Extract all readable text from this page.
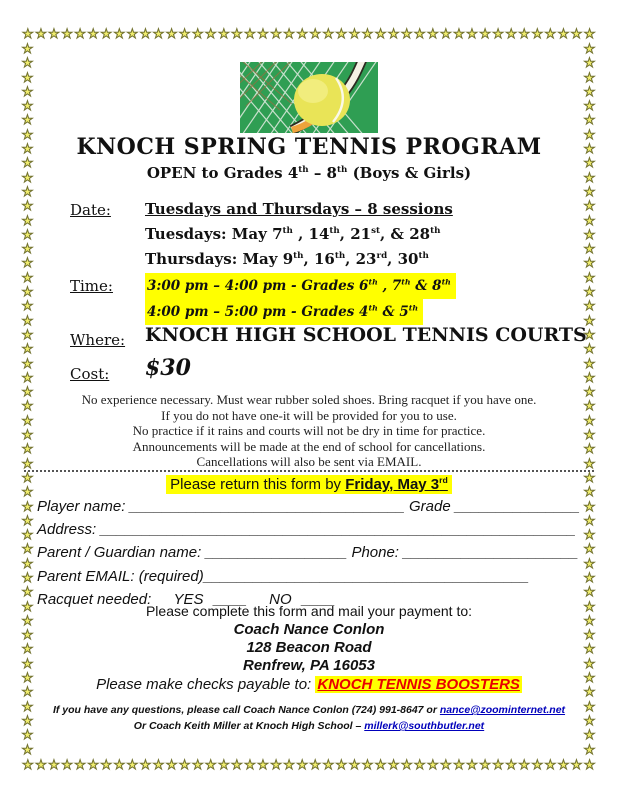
★ ★ ★ ★ ★ ★ ★ ★ ★ ★ ★ ★ ★ ★ ★ ★ ★ ★ ★ ★ ★ ★ ★ ★ ★ ★ ★ ★ ★ ★ ★ ★ ★ ★ ★ ★ ★ ★ ★ ★ ★ ★ ★ ★
★ ★ ★ ★ ★ ★ ★ ★ ★ ★ ★ ★ ★ ★ ★ ★ ★ ★ ★ ★ ★ ★ ★ ★ ★ ★ ★ ★ ★ ★ ★ ★ ★ ★ ★ ★ ★ ★ ★ ★ ★ ★ ★ ★
★
★
★
★
★
★
★
★
★
★
★
★
★
★
★
★
★
★
★
★
★
★
★
★
★
★
★
★
★
★
★
★
★
★
★
★
★
★
★
★
★
★
★
★
★
★
★
★
★
★
★
★
★
★
★
★
★
★
★
★
★
★
★
★
★
★
★
★
★
★
★
★
★
★
★
★
★
★
★
★
★
★
★
★
★
★
★
★
★
★
★
★
★
★
★
★
★
★
★
★
KNOCH SPRING TENNIS PROGRAM
OPEN to Grades 4th – 8th (Boys & Girls)
Date: Tuesdays and Thursdays – 8 sessions
Tuesdays: May 7th , 14th, 21st, & 28th
Thursdays: May 9th, 16th, 23rd, 30th
Time:	3:00 pm – 4:00 pm - Grades 6th , 7th & 8th
4:00 pm – 5:00 pm - Grades 4th & 5th
Where: KNOCH HIGH SCHOOL TENNIS COURTS
Cost: $30
No experience necessary. Must wear rubber soled shoes. Bring racquet if you have one.
If you do not have one-it will be provided for you to use.
No practice if it rains and courts will not be dry in time for practice.
Announcements will be made at the end of school for cancellations.
Cancellations will also be sent via EMAIL.
Please return this form by Friday, May 3rd
Player name: _________________________________ Grade _______________
Address: _________________________________________________________
Parent / Guardian name: _________________ Phone: _____________________
Parent EMAIL: (required)_______________________________________
Racquet needed: YES ____ NO ____
Please complete this form and mail your payment to:
Coach Nance Conlon
128 Beacon Road
Renfrew, PA 16053
Please make checks payable to: KNOCH TENNIS BOOSTERS
If you have any questions, please call Coach Nance Conlon (724) 991-8647 or nance@zoominternet.net
Or Coach Keith Miller at Knoch High School – millerk@southbutler.net
